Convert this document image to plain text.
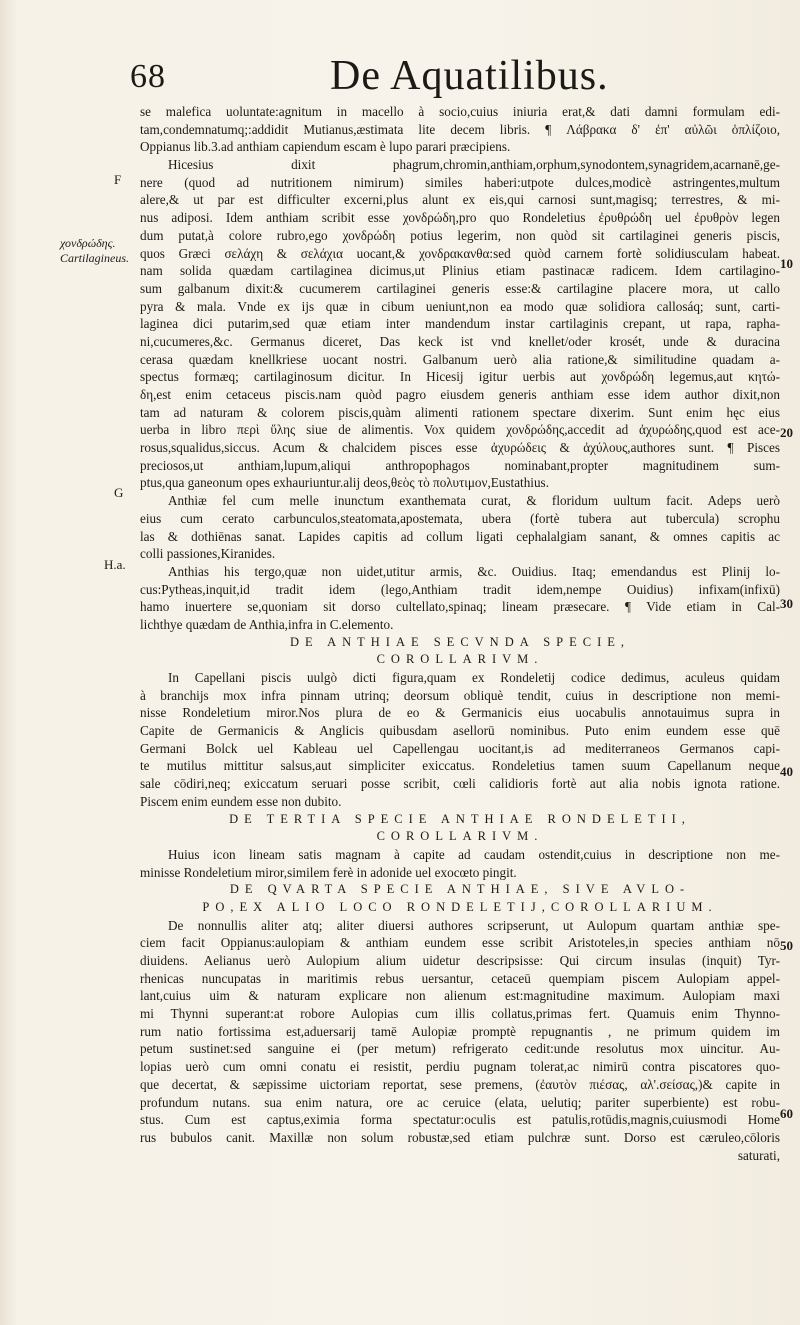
68	De Aquatilibus.
F
G
H.a.
χονδρώδης.
Cartilagineus.	10
20
30
40
50
60
se malefica uoluntate:agnitum in macello à socio,cuius iniuria erat,& dati damni formulam edi-
tam,condemnatumq;:addidit Mutianus,æstimata lite decem libris. ¶ Λάβρακα δ' ἐπ' αὐλῶι ὁπλίζοιο,
Oppianus lib.3.ad anthiam capiendum escam è lupo parari præcipiens.
Hicesius dixit phagrum,chromin,anthiam,orphum,synodontem,synagridem,acarnanē,ge-
nere (quod ad nutritionem nimirum) similes haberi:utpote dulces,modicè astringentes,multum
alere,& ut par est difficulter excerni,plus alunt ex eis,qui carnosi sunt,magisq; terrestres, & mi-
nus adiposi. Idem anthiam scribit esse χονδρώδη,pro quo Rondeletius ἐρυθρώδη uel ἐρυθρὸν legen
dum putat,à colore rubro,ego χονδρώδη potius legerim, non quòd sit cartilaginei generis piscis,
quos Græci σελάχη & σελάχια uocant,& χονδρακανθα:sed quòd carnem fortè solidiusculam habeat.
nam solida quædam cartilaginea dicimus,ut Plinius etiam pastinacæ radicem. Idem cartilagino-
sum galbanum dixit:& cucumerem cartilaginei generis esse:& cartilagine placere mora, ut callo
pyra & mala. Vnde ex ijs quæ in cibum ueniunt,non ea modo quæ solidiora callosáq; sunt, carti-
laginea dici putarim,sed quæ etiam inter mandendum instar cartilaginis crepant, ut rapa, rapha-
ni,cucumeres,&c. Germanus diceret, Das keck ist vnd knellet/oder krosét, unde & duracina
cerasa quædam knellkriese uocant nostri. Galbanum uerò alia ratione,& similitudine quadam a-
spectus formæq; cartilaginosum dicitur. In Hicesij igitur uerbis aut χονδρώδη legemus,aut κητώ-
δη,est enim cetaceus piscis.nam quòd pagro eiusdem generis anthiam esse idem author dixit,non
tam ad naturam & colorem piscis,quàm alimenti rationem spectare dixerim. Sunt enim hęc eius
uerba in libro περὶ ὕλης siue de alimentis. Vox quidem χονδρώδης,accedit ad ἀχυρώδης,quod est ace-
rosus,squalidus,siccus. Acum & chalcidem pisces esse ἀχυρώδεις & ἀχύλους,authores sunt. ¶ Pisces
preciosos,ut anthiam,lupum,aliqui anthropophagos nominabant,propter magnitudinem sum-
ptus,qua ganeonum opes exhauriuntur.alij deos,θεὸς τὸ πολυτιμον,Eustathius.
Anthiæ fel cum melle inunctum exanthemata curat, & floridum uultum facit. Adeps uerò
eius cum cerato carbunculos,steatomata,apostemata, ubera (fortè tubera aut tubercula) scrophu
las & dothiēnas sanat. Lapides capitis ad collum ligati cephalalgiam sanant, & omnes capitis ac
colli passiones,Kiranides.
Anthias his tergo,quæ non uidet,utitur armis, &c. Ouidius. Itaq; emendandus est Plinij lo-
cus:Pytheas,inquit,id tradit idem (lego,Anthiam tradit idem,nempe Ouidius) infixam(infixū)
hamo inuertere se,quoniam sit dorso cultellato,spinaq; lineam præsecare. ¶ Vide etiam in Cal-
lichthye quædam de Anthia,infra in C.elemento.
DE ANTHIAE SECVNDA SPECIE,
COROLLARIVM.
In Capellani piscis uulgò dicti figura,quam ex Rondeletij codice dedimus, aculeus quidam
à branchijs mox infra pinnam utrinq; deorsum obliquè tendit, cuius in descriptione non memi-
nisse Rondeletium miror.Nos plura de eo & Germanicis eius uocabulis annotauimus supra in
Capite de Germanicis & Anglicis quibusdam asellorū nominibus. Puto enim eundem esse quē
Germani Bolck uel Kableau uel Capellengau uocitant,is ad mediterraneos Germanos capi-
te mutilus mittitur salsus,aut simpliciter exiccatus. Rondeletius tamen suum Capellanum neque
sale cōdiri,neq; exiccatum seruari posse scribit, cœli calidioris fortè aut alia nobis ignota ratione.
Piscem enim eundem esse non dubito.
DE TERTIA SPECIE ANTHIAE RONDELETII,
COROLLARIVM.
Huius icon lineam satis magnam à capite ad caudam ostendit,cuius in descriptione non me-
minisse Rondeletium miror,similem ferè in adonide uel exocœto pingit.
DE QVARTA SPECIE ANTHIAE, SIVE AVLO-
PO,EX ALIO LOCO RONDELETIJ,COROLLARIUM.
De nonnullis aliter atq; aliter diuersi authores scripserunt, ut Aulopum quartam anthiæ spe-
ciem facit Oppianus:aulopiam & anthiam eundem esse scribit Aristoteles,in species anthiam nō
diuidens. Aelianus uerò Aulopium alium uidetur descripsisse: Qui circum insulas (inquit) Tyr-
rhenicas nuncupatas in maritimis rebus uersantur, cetaceū quempiam piscem Aulopiam appel-
lant,cuius uim & naturam explicare non alienum est:magnitudine maximum. Aulopiam maxi
mi Thynni superant:at robore Aulopias cum illis collatus,primas fert. Quamuis enim Thynno-
rum natio fortissima est,aduersarij tamē Aulopiæ promptè repugnantis , ne primum quidem im
petum sustinet:sed sanguine ei (per metum) refrigerato cedit:unde resolutus mox uincitur. Au-
lopias uerò cum omni conatu ei resistit, perdiu pugnam tolerat,ac nimirū contra piscatores quo-
que decertat, & sæpissime uictoriam reportat, sese premens, (ἐαυτὸν πιέσας, αλ'.σείσας,)& capite in
profundum nutans. sua enim natura, ore ac ceruice (elata, uelutiq; pariter superbiente) est robu-
stus. Cum est captus,eximia forma spectatur:oculis est patulis,rotūdis,magnis,cuiusmodi Home
rus bubulos canit. Maxillæ non solum robustæ,sed etiam pulchræ sunt. Dorso est cæruleo,cōloris
saturati,
